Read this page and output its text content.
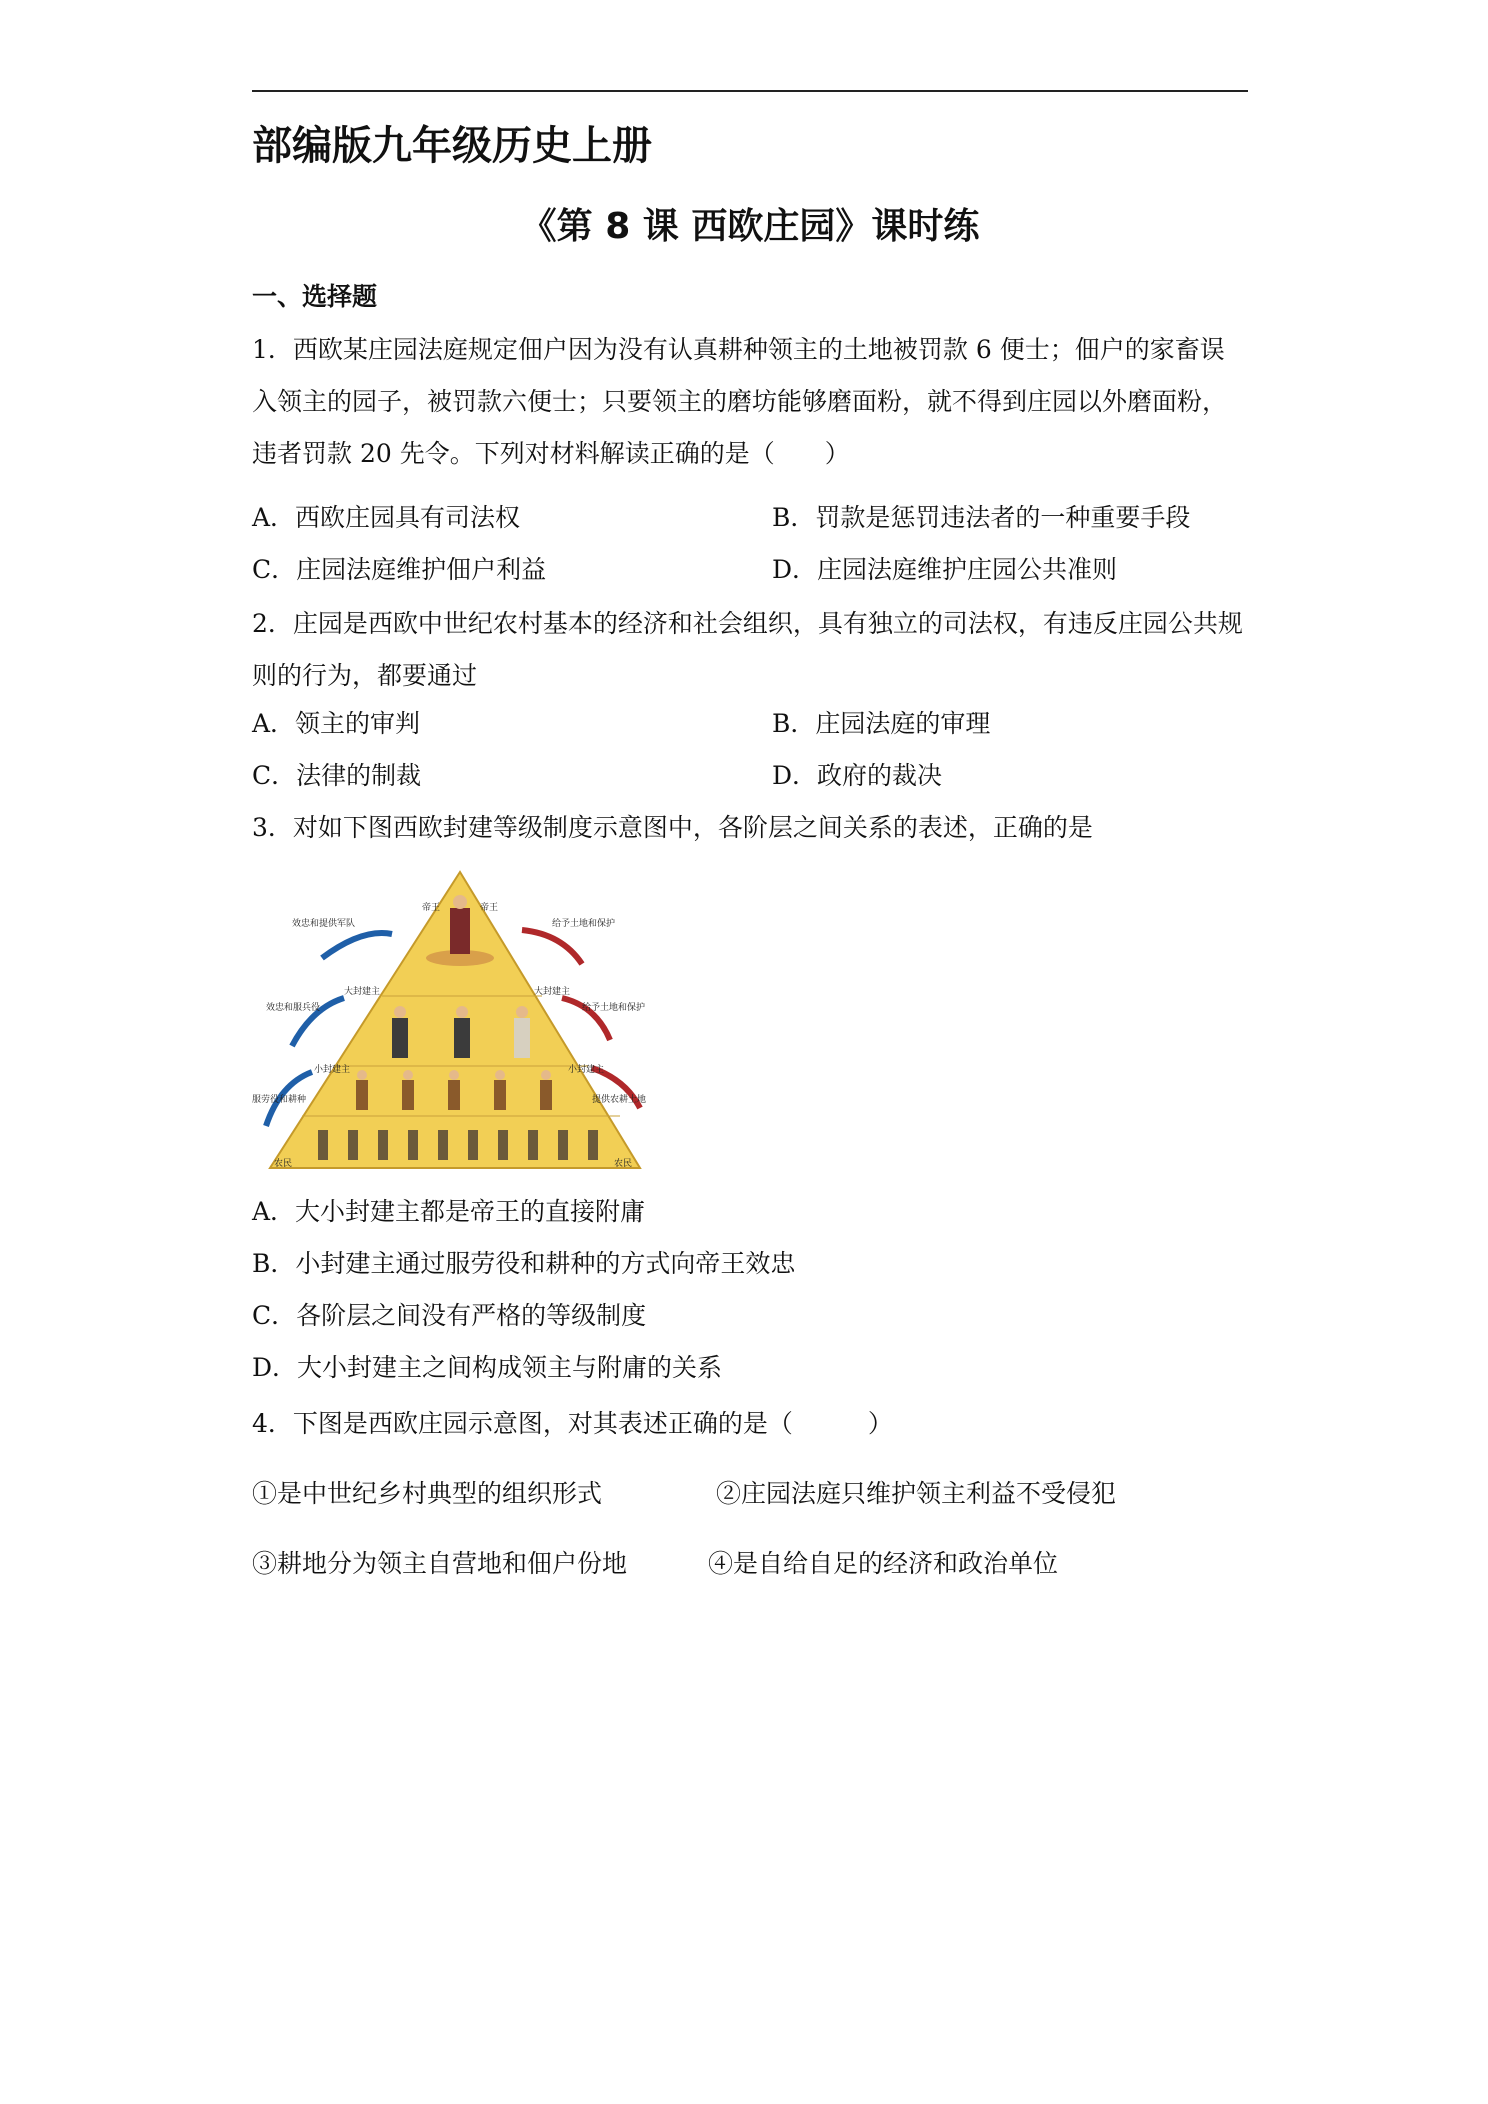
部编版九年级历史上册
《第 8 课 西欧庄园》课时练
一、选择题
1．西欧某庄园法庭规定佃户因为没有认真耕种领主的土地被罚款 6 便士；佃户的家畜误入领主的园子，被罚款六便士；只要领主的磨坊能够磨面粉，就不得到庄园以外磨面粉，违者罚款 20 先令。下列对材料解读正确的是（　　）
A．西欧庄园具有司法权	B．罚款是惩罚违法者的一种重要手段
C．庄园法庭维护佃户利益	D．庄园法庭维护庄园公共准则
2．庄园是西欧中世纪农村基本的经济和社会组织，具有独立的司法权，有违反庄园公共规则的行为，都要通过
A．领主的审判	B．庄园法庭的审理
C．法律的制裁	D．政府的裁决
3．对如下图西欧封建等级制度示意图中，各阶层之间关系的表述，正确的是
帝王
大封建主
小封建主
农民
帝王
大封建主
小封建主
农民
效忠和提供军队
效忠和服兵役
服劳役和耕种
给予土地和保护
给予土地和保护
提供农耕土地
A．大小封建主都是帝王的直接附庸
B．小封建主通过服劳役和耕种的方式向帝王效忠
C．各阶层之间没有严格的等级制度
D．大小封建主之间构成领主与附庸的关系
4．下图是西欧庄园示意图，对其表述正确的是（　　　）
①是中世纪乡村典型的组织形式	②庄园法庭只维护领主利益不受侵犯
③耕地分为领主自营地和佃户份地	④是自给自足的经济和政治单位
